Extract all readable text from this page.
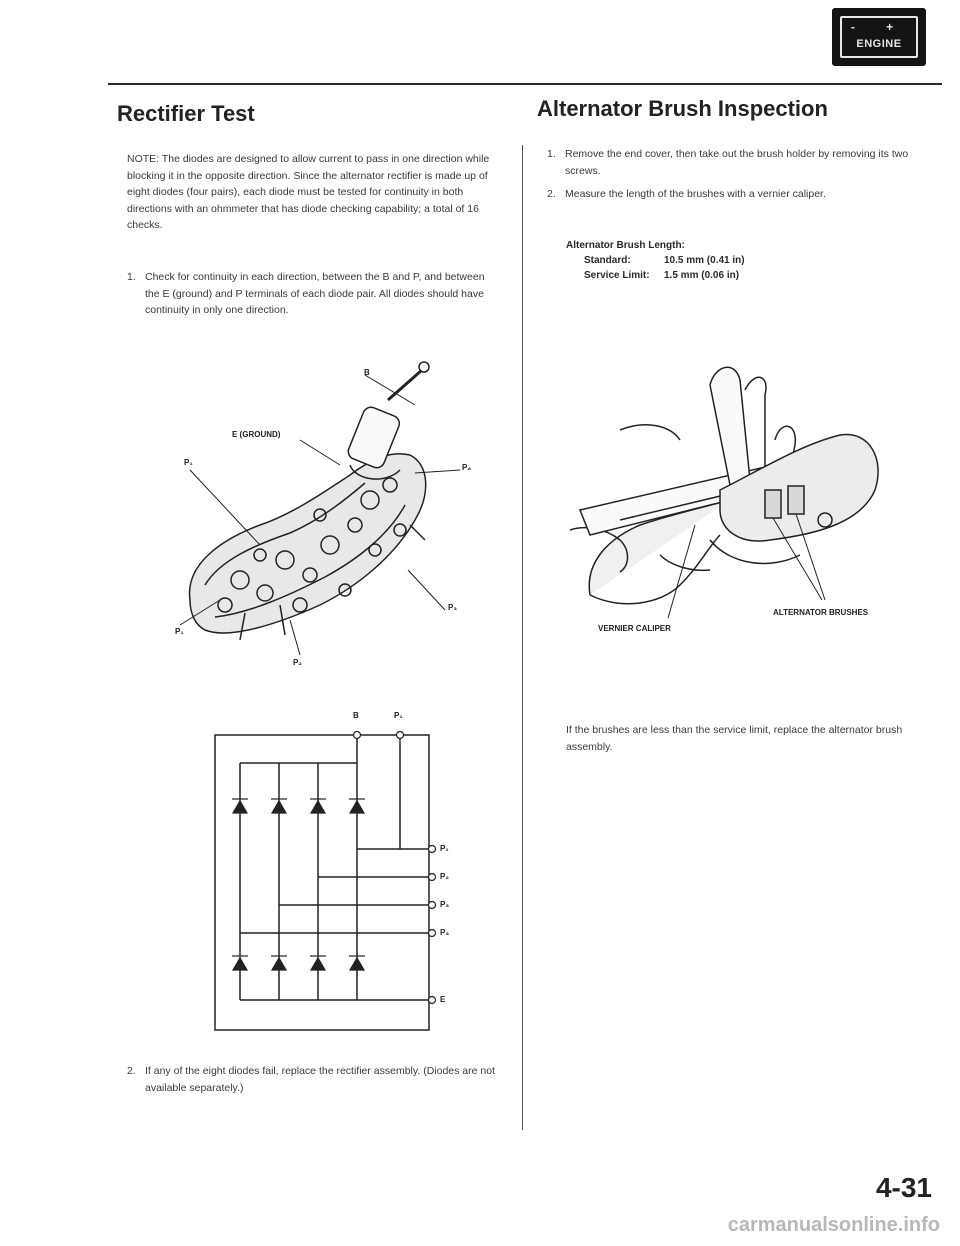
- +
ENGINE
Rectifier Test
NOTE: The diodes are designed to allow current to pass in one direction while blocking it in the opposite direction. Since the alternator rectifier is made up of eight diodes (four pairs), each diode must be tested for continuity in both directions with an ohmmeter that has diode checking capability; a total of 16 checks.
1. Check for continuity in each direction, between the B and P, and between the E (ground) and P terminals of each diode pair. All diodes should have continuity in only one direction.
B
E (GROUND)
P₁
P₄
P₃
P₁
P₂
B	P₁
P₁
P₂
P₃
P₄
E
2. If any of the eight diodes fail, replace the rectifier assembly. (Diodes are not available separately.)
Alternator Brush Inspection
1. Remove the end cover, then take out the brush holder by removing its two screws.
2. Measure the length of the brushes with a vernier caliper.
Alternator Brush Length:
Standard:	10.5 mm (0.41 in)
Service Limit: 1.5 mm (0.06 in)
VERNIER CALIPER
ALTERNATOR BRUSHES
If the brushes are less than the service limit, replace the alternator brush assembly.
4-31
carmanualsonline.info
